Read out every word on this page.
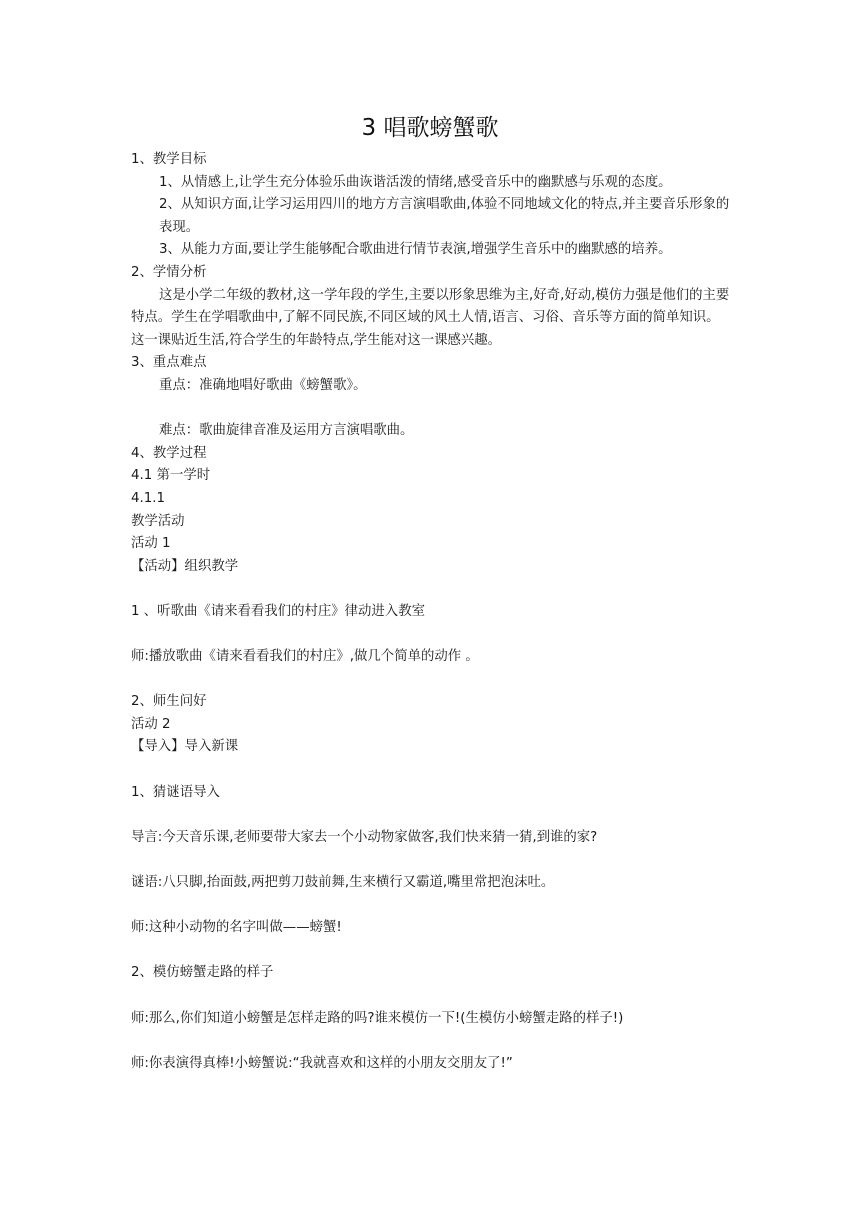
3 唱歌螃蟹歌
1、教学目标
1、从情感上,让学生充分体验乐曲诙谐活泼的情绪,感受音乐中的幽默感与乐观的态度。
2、从知识方面,让学习运用四川的地方方言演唱歌曲,体验不同地域文化的特点,并主要音乐形象的表现。
3、从能力方面,要让学生能够配合歌曲进行情节表演,增强学生音乐中的幽默感的培养。
2、学情分析
这是小学二年级的教材,这一学年段的学生,主要以形象思维为主,好奇,好动,模仿力强是他们的主要特点。学生在学唱歌曲中,了解不同民族,不同区域的风土人情,语言、习俗、音乐等方面的简单知识。这一课贴近生活,符合学生的年龄特点,学生能对这一课感兴趣。
3、重点难点
重点：准确地唱好歌曲《螃蟹歌》。
难点：歌曲旋律音准及运用方言演唱歌曲。
4、教学过程
4.1 第一学时
4.1.1
教学活动
活动 1
【活动】组织教学
1 、听歌曲《请来看看我们的村庄》律动进入教室
师:播放歌曲《请来看看我们的村庄》,做几个简单的动作 。
2、师生问好
活动 2
【导入】导入新课
1、猜谜语导入
导言:今天音乐课,老师要带大家去一个小动物家做客,我们快来猜一猜,到谁的家?
谜语:八只脚,抬面鼓,两把剪刀鼓前舞,生来横行又霸道,嘴里常把泡沫吐。
师:这种小动物的名字叫做——螃蟹!
2、模仿螃蟹走路的样子
师:那么,你们知道小螃蟹是怎样走路的吗?谁来模仿一下!(生模仿小螃蟹走路的样子!)
师:你表演得真棒!小螃蟹说:“我就喜欢和这样的小朋友交朋友了!”
